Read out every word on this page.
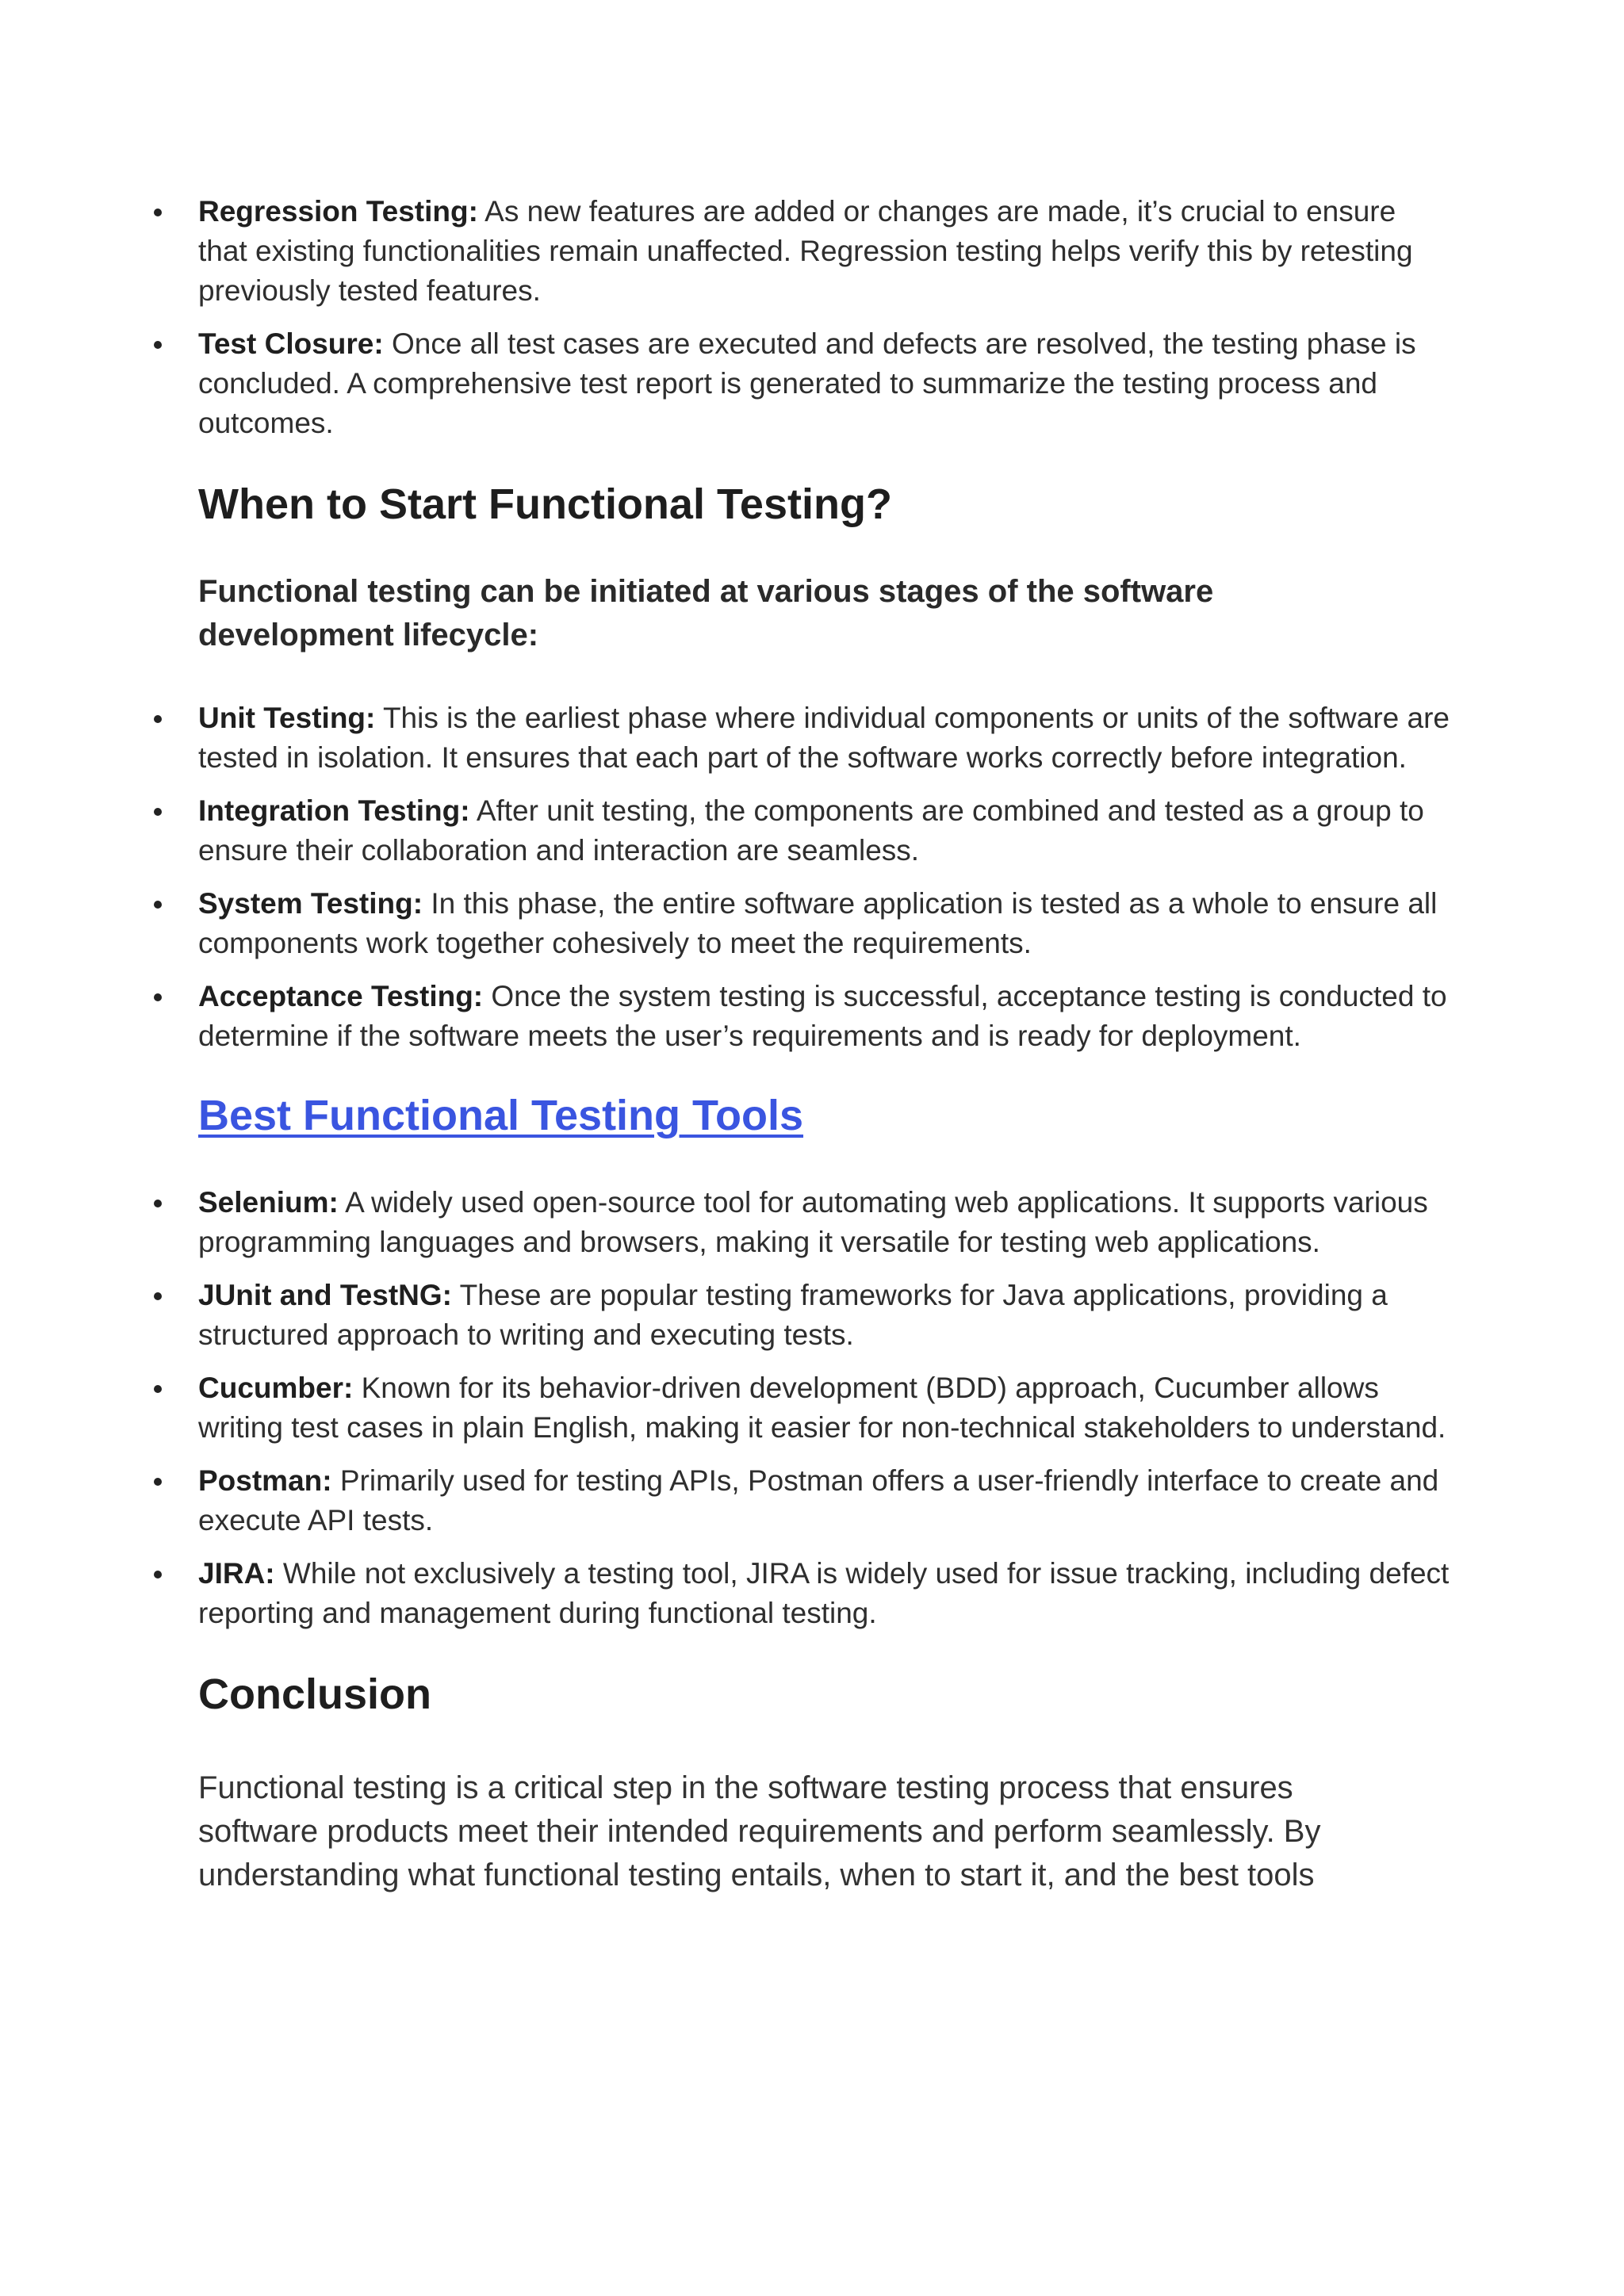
Regression Testing: As new features are added or changes are made, it’s crucial to ensure that existing functionalities remain unaffected. Regression testing helps verify this by retesting previously tested features.
Test Closure: Once all test cases are executed and defects are resolved, the testing phase is concluded. A comprehensive test report is generated to summarize the testing process and outcomes.
When to Start Functional Testing?
Functional testing can be initiated at various stages of the software development lifecycle:
Unit Testing: This is the earliest phase where individual components or units of the software are tested in isolation. It ensures that each part of the software works correctly before integration.
Integration Testing: After unit testing, the components are combined and tested as a group to ensure their collaboration and interaction are seamless.
System Testing: In this phase, the entire software application is tested as a whole to ensure all components work together cohesively to meet the requirements.
Acceptance Testing: Once the system testing is successful, acceptance testing is conducted to determine if the software meets the user’s requirements and is ready for deployment.
Best Functional Testing Tools
Selenium: A widely used open-source tool for automating web applications. It supports various programming languages and browsers, making it versatile for testing web applications.
JUnit and TestNG: These are popular testing frameworks for Java applications, providing a structured approach to writing and executing tests.
Cucumber: Known for its behavior-driven development (BDD) approach, Cucumber allows writing test cases in plain English, making it easier for non-technical stakeholders to understand.
Postman: Primarily used for testing APIs, Postman offers a user-friendly interface to create and execute API tests.
JIRA: While not exclusively a testing tool, JIRA is widely used for issue tracking, including defect reporting and management during functional testing.
Conclusion

Functional testing is a critical step in the software testing process that ensures software products meet their intended requirements and perform seamlessly. By understanding what functional testing entails, when to start it, and the best tools
